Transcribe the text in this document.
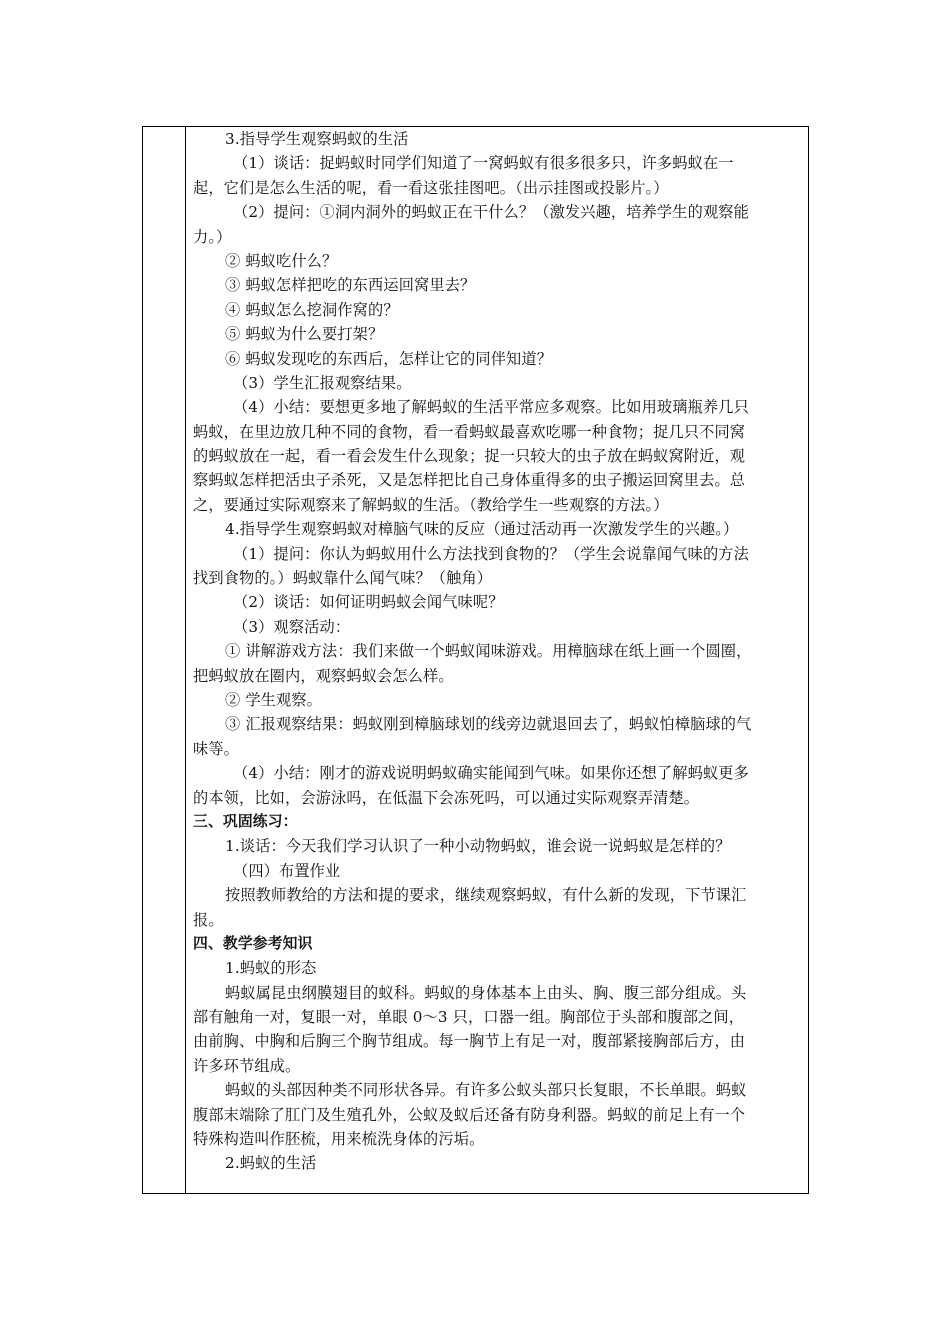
3.指导学生观察蚂蚁的生活
（1）谈话：捉蚂蚁时同学们知道了一窝蚂蚁有很多很多只，许多蚂蚁在一
起，它们是怎么生活的呢，看一看这张挂图吧。（出示挂图或投影片。）
（2）提问：①洞内洞外的蚂蚁正在干什么？（激发兴趣，培养学生的观察能
力。）
② 蚂蚁吃什么？
③ 蚂蚁怎样把吃的东西运回窝里去？
④ 蚂蚁怎么挖洞作窝的？
⑤ 蚂蚁为什么要打架？
⑥ 蚂蚁发现吃的东西后，怎样让它的同伴知道？
（3）学生汇报观察结果。
（4）小结：要想更多地了解蚂蚁的生活平常应多观察。比如用玻璃瓶养几只
蚂蚁，在里边放几种不同的食物，看一看蚂蚁最喜欢吃哪一种食物；捉几只不同窝
的蚂蚁放在一起，看一看会发生什么现象；捉一只较大的虫子放在蚂蚁窝附近，观
察蚂蚁怎样把活虫子杀死，又是怎样把比自己身体重得多的虫子搬运回窝里去。总
之，要通过实际观察来了解蚂蚁的生活。（教给学生一些观察的方法。）
4.指导学生观察蚂蚁对樟脑气味的反应（通过活动再一次激发学生的兴趣。）
（1）提问：你认为蚂蚁用什么方法找到食物的？（学生会说靠闻气味的方法
找到食物的。）蚂蚁靠什么闻气味？（触角）
（2）谈话：如何证明蚂蚁会闻气味呢？
（3）观察活动：
① 讲解游戏方法：我们来做一个蚂蚁闻味游戏。用樟脑球在纸上画一个圆圈，
把蚂蚁放在圈内，观察蚂蚁会怎么样。
② 学生观察。
③ 汇报观察结果：蚂蚁刚到樟脑球划的线旁边就退回去了，蚂蚁怕樟脑球的气
味等。
（4）小结：刚才的游戏说明蚂蚁确实能闻到气味。如果你还想了解蚂蚁更多
的本领，比如，会游泳吗，在低温下会冻死吗，可以通过实际观察弄清楚。
三、巩固练习：
1.谈话：今天我们学习认识了一种小动物蚂蚁，谁会说一说蚂蚁是怎样的？
（四）布置作业
按照教师教给的方法和提的要求，继续观察蚂蚁，有什么新的发现，下节课汇
报。
四、教学参考知识
1.蚂蚁的形态
蚂蚁属昆虫纲膜翅目的蚁科。蚂蚁的身体基本上由头、胸、腹三部分组成。头
部有触角一对，复眼一对，单眼 0～3 只，口器一组。胸部位于头部和腹部之间，
由前胸、中胸和后胸三个胸节组成。每一胸节上有足一对，腹部紧接胸部后方，由
许多环节组成。
蚂蚁的头部因种类不同形状各异。有许多公蚁头部只长复眼，不长单眼。蚂蚁
腹部末端除了肛门及生殖孔外，公蚁及蚁后还备有防身利器。蚂蚁的前足上有一个
特殊构造叫作胚梳，用来梳洗身体的污垢。
2.蚂蚁的生活
